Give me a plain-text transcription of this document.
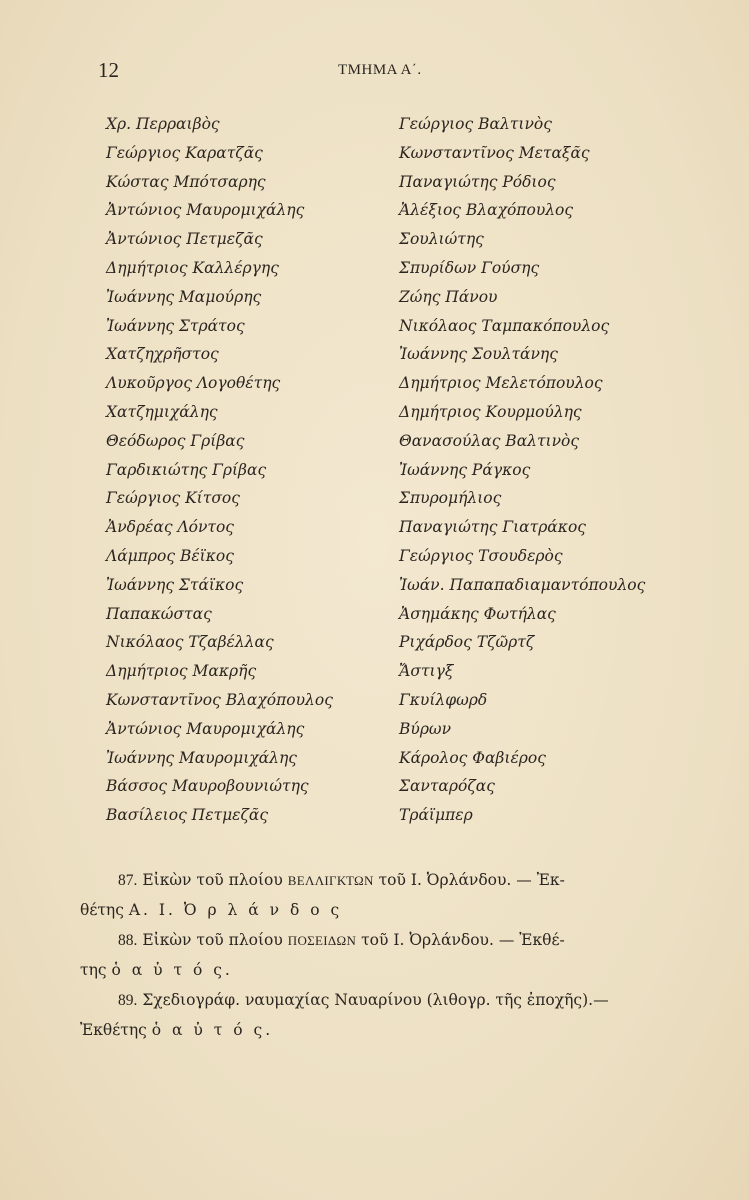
12	ΤΜΗΜΑ Α΄.
Χρ. Περραιβὸς
Γεώργιος Καρατζᾶς
Κώστας Μπότσαρης
Ἀντώνιος Μαυρομιχάλης
Ἀντώνιος Πετμεζᾶς
Δημήτριος Καλλέργης
Ἰωάννης Μαμούρης
Ἰωάννης Στράτος
Χατζηχρῆστος
Λυκοῦργος Λογοθέτης
Χατζημιχάλης
Θεόδωρος Γρίβας
Γαρδικιώτης Γρίβας
Γεώργιος Κίτσος
Ἀνδρέας Λόντος
Λάμπρος Βέϊκος
Ἰωάννης Στάϊκος
Παπακώστας
Νικόλαος Τζαβέλλας
Δημήτριος Μακρῆς
Κωνσταντῖνος Βλαχόπουλος
Ἀντώνιος Μαυρομιχάλης
Ἰωάννης Μαυρομιχάλης
Βάσσος Μαυροβουνιώτης
Βασίλειος Πετμεζᾶς
Γεώργιος Βαλτινὸς
Κωνσταντῖνος Μεταξᾶς
Παναγιώτης Ρόδιος
Ἀλέξιος Βλαχόπουλος
Σουλιώτης
Σπυρίδων Γούσης
Ζώης Πάνου
Νικόλαος Ταμπακόπουλος
Ἰωάννης Σουλτάνης
Δημήτριος Μελετόπουλος
Δημήτριος Κουρμούλης
Θανασούλας Βαλτινὸς
Ἰωάννης Ράγκος
Σπυρομήλιος
Παναγιώτης Γιατράκος
Γεώργιος Τσουδερὸς
Ἰωάν. Παπαπαδιαμαντόπουλος
Ἀσημάκης Φωτήλας
Ριχάρδος Τζῶρτζ
Ἄστιγξ
Γκυίλφωρδ
Βύρων
Κάρολος Φαβιέρος
Σανταρόζας
Τράϊμπερ

87. Εἰκὼν τοῦ πλοίου ΒΕΛΛΙΓΚΤΩΝ τοῦ Ι. Ὀρλάνδου. — Ἐκ-
θέτης Α. Ι. Ὀ ρ λ ά ν δ ο ς

88. Εἰκὼν τοῦ πλοίου ΠΟΣΕΙΔΩΝ τοῦ Ι. Ὀρλάνδου. — Ἐκθέ-
της ὁ α ὐ τ ό ς.

89. Σχεδιογράφ. ναυμαχίας Ναυαρίνου (λιθογρ. τῆς ἐποχῆς).—
Ἐκθέτης ὁ α ὐ τ ό ς.
